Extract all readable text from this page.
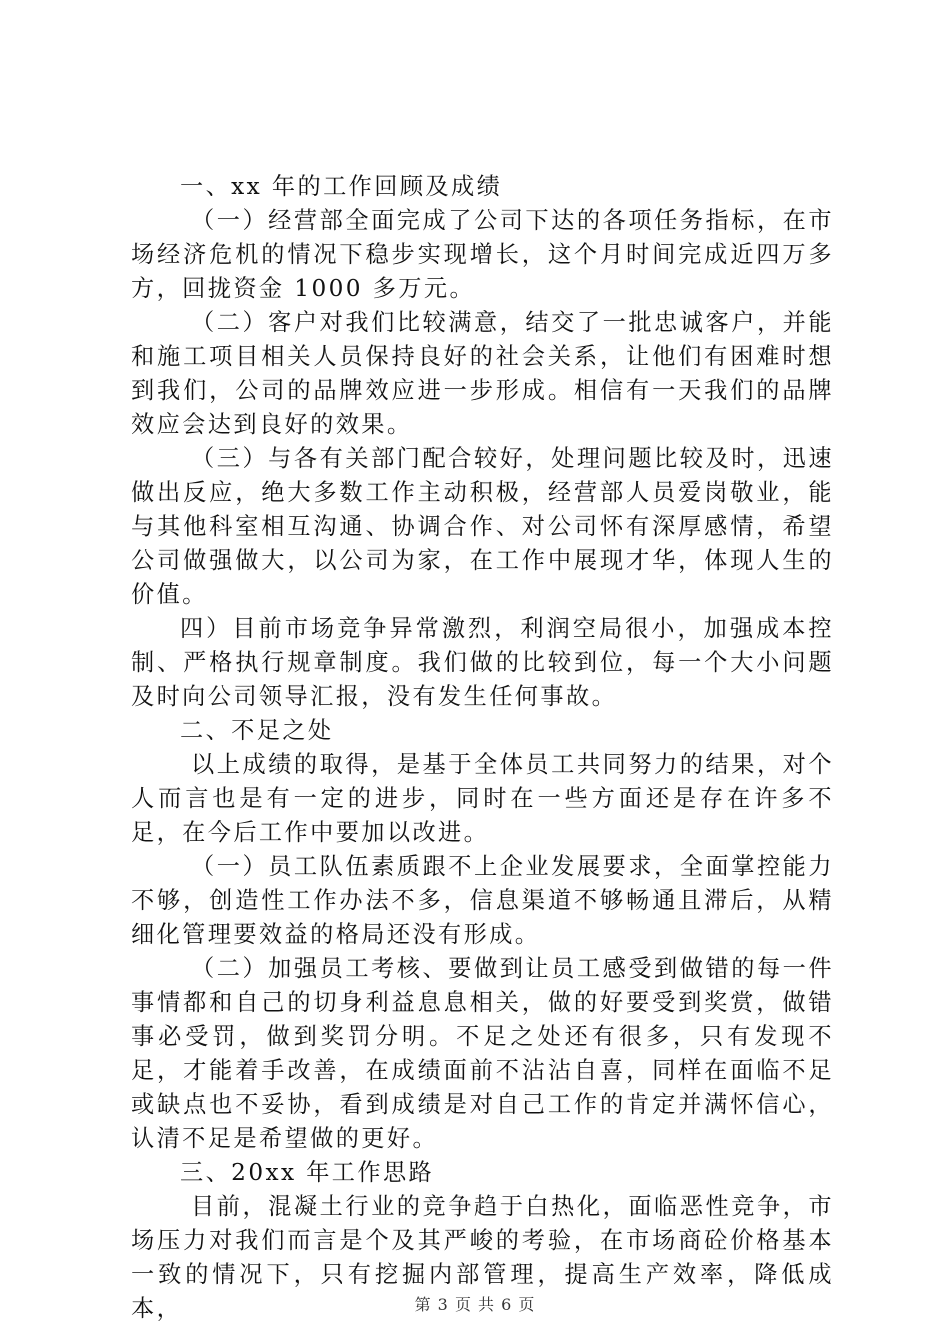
一、xx 年的工作回顾及成绩

（一）经营部全面完成了公司下达的各项任务指标，在市场经济危机的情况下稳步实现增长，这个月时间完成近四万多方，回拢资金 1000 多万元。

（二）客户对我们比较满意，结交了一批忠诚客户，并能和施工项目相关人员保持良好的社会关系，让他们有困难时想到我们，公司的品牌效应进一步形成。相信有一天我们的品牌效应会达到良好的效果。

（三）与各有关部门配合较好，处理问题比较及时，迅速做出反应，绝大多数工作主动积极，经营部人员爱岗敬业，能与其他科室相互沟通、协调合作、对公司怀有深厚感情，希望公司做强做大，以公司为家，在工作中展现才华，体现人生的价值。

四）目前市场竞争异常激烈，利润空局很小，加强成本控制、严格执行规章制度。我们做的比较到位，每一个大小问题及时向公司领导汇报，没有发生任何事故。

二、不足之处

以上成绩的取得，是基于全体员工共同努力的结果，对个人而言也是有一定的进步，同时在一些方面还是存在许多不足，在今后工作中要加以改进。

（一）员工队伍素质跟不上企业发展要求，全面掌控能力不够，创造性工作办法不多，信息渠道不够畅通且滞后，从精细化管理要效益的格局还没有形成。

（二）加强员工考核、要做到让员工感受到做错的每一件事情都和自己的切身利益息息相关，做的好要受到奖赏，做错事必受罚，做到奖罚分明。不足之处还有很多，只有发现不足，才能着手改善，在成绩面前不沾沾自喜，同样在面临不足或缺点也不妥协，看到成绩是对自己工作的肯定并满怀信心，认清不足是希望做的更好。

三、20xx 年工作思路

目前，混凝土行业的竞争趋于白热化，面临恶性竞争，市场压力对我们而言是个及其严峻的考验，在市场商砼价格基本一致的情况下，只有挖掘内部管理，提高生产效率，降低成本，	第 3 页 共 6 页
